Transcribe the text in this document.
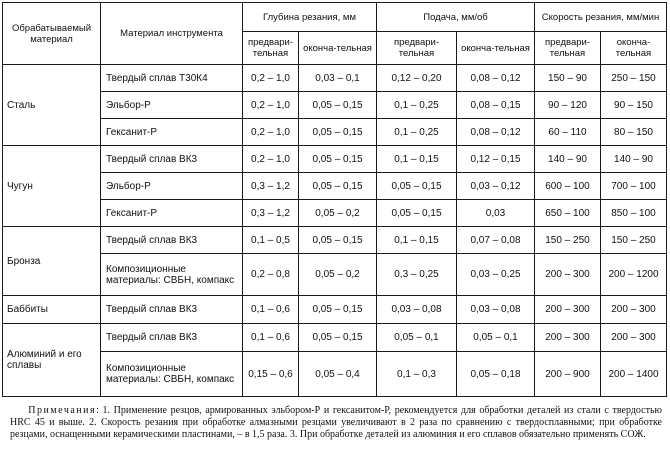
Обрабатываемый материал	Материал инструмента	Глубина резания, мм		Подача, мм/об		Скорость резания, мм/мин	
		предвари-тельная	оконча-тельная	предвари-тельная	оконча-тельная	предвари-тельная	оконча-тельная
Сталь	Твердый сплав Т30К4	0,2 – 1,0	0,03 – 0,1	0,12 – 0,20	0,08 – 0,12	150 – 90	250 – 150
	Эльбор-Р	0,2 – 1,0	0,05 – 0,15	0,1 – 0,25	0,08 – 0,15	90 – 120	90 – 150
	Гексанит-Р	0,2 – 1,0	0,05 – 0,15	0,1 – 0,25	0,08 – 0,12	60 – 110	80 – 150
Чугун	Твердый сплав ВК3	0,2 – 1,0	0,05 – 0,15	0,1 – 0,15	0,12 – 0,15	140 – 90	140 – 90
	Эльбор-Р	0,3 – 1,2	0,05 – 0,15	0,05 – 0,15	0,03 – 0,12	600 – 100	700 – 100
	Гексанит-Р	0,3 – 1,2	0,05 – 0,2	0,05 – 0,15	0,03	650 – 100	850 – 100
Бронза	Твердый сплав ВК3	0,1 – 0,5	0,05 – 0,15	0,1 – 0,15	0,07 – 0,08	150 – 250	150 – 250
	Композиционные материалы: СВБН, компакс	0,2 – 0,8	0,05 – 0,2	0,3 – 0,25	0,03 – 0,25	200 – 300	200 – 1200
Баббиты	Твердый сплав ВК3	0,1 – 0,6	0,05 – 0,15	0,03 – 0,08	0,03 – 0,08	200 – 300	200 – 300
Алюминий и его сплавы	Твердый сплав ВК3	0,1 – 0,6	0,05 – 0,15	0,05 – 0,1	0,05 – 0,1	200 – 300	200 – 300
	Композиционные материалы: СВБН, компакс	0,15 – 0,6	0,05 – 0,4	0,1 – 0,3	0,05 – 0,18	200 – 900	200 – 1400
Примечания: 1. Применение резцов, армированных эльбором-Р и гексанитом-Р, рекомендуется для обработки деталей из стали с твердостью HRC 45 и выше. 2. Скорость резания при обработке алмазными резцами увеличивают в 2 раза по сравнению с твердосплавными; при обработке резцами, оснащенными керамическими пластинами, – в 1,5 раза. 3. При обработке деталей из алюминия и его сплавов обязательно применять СОЖ.
